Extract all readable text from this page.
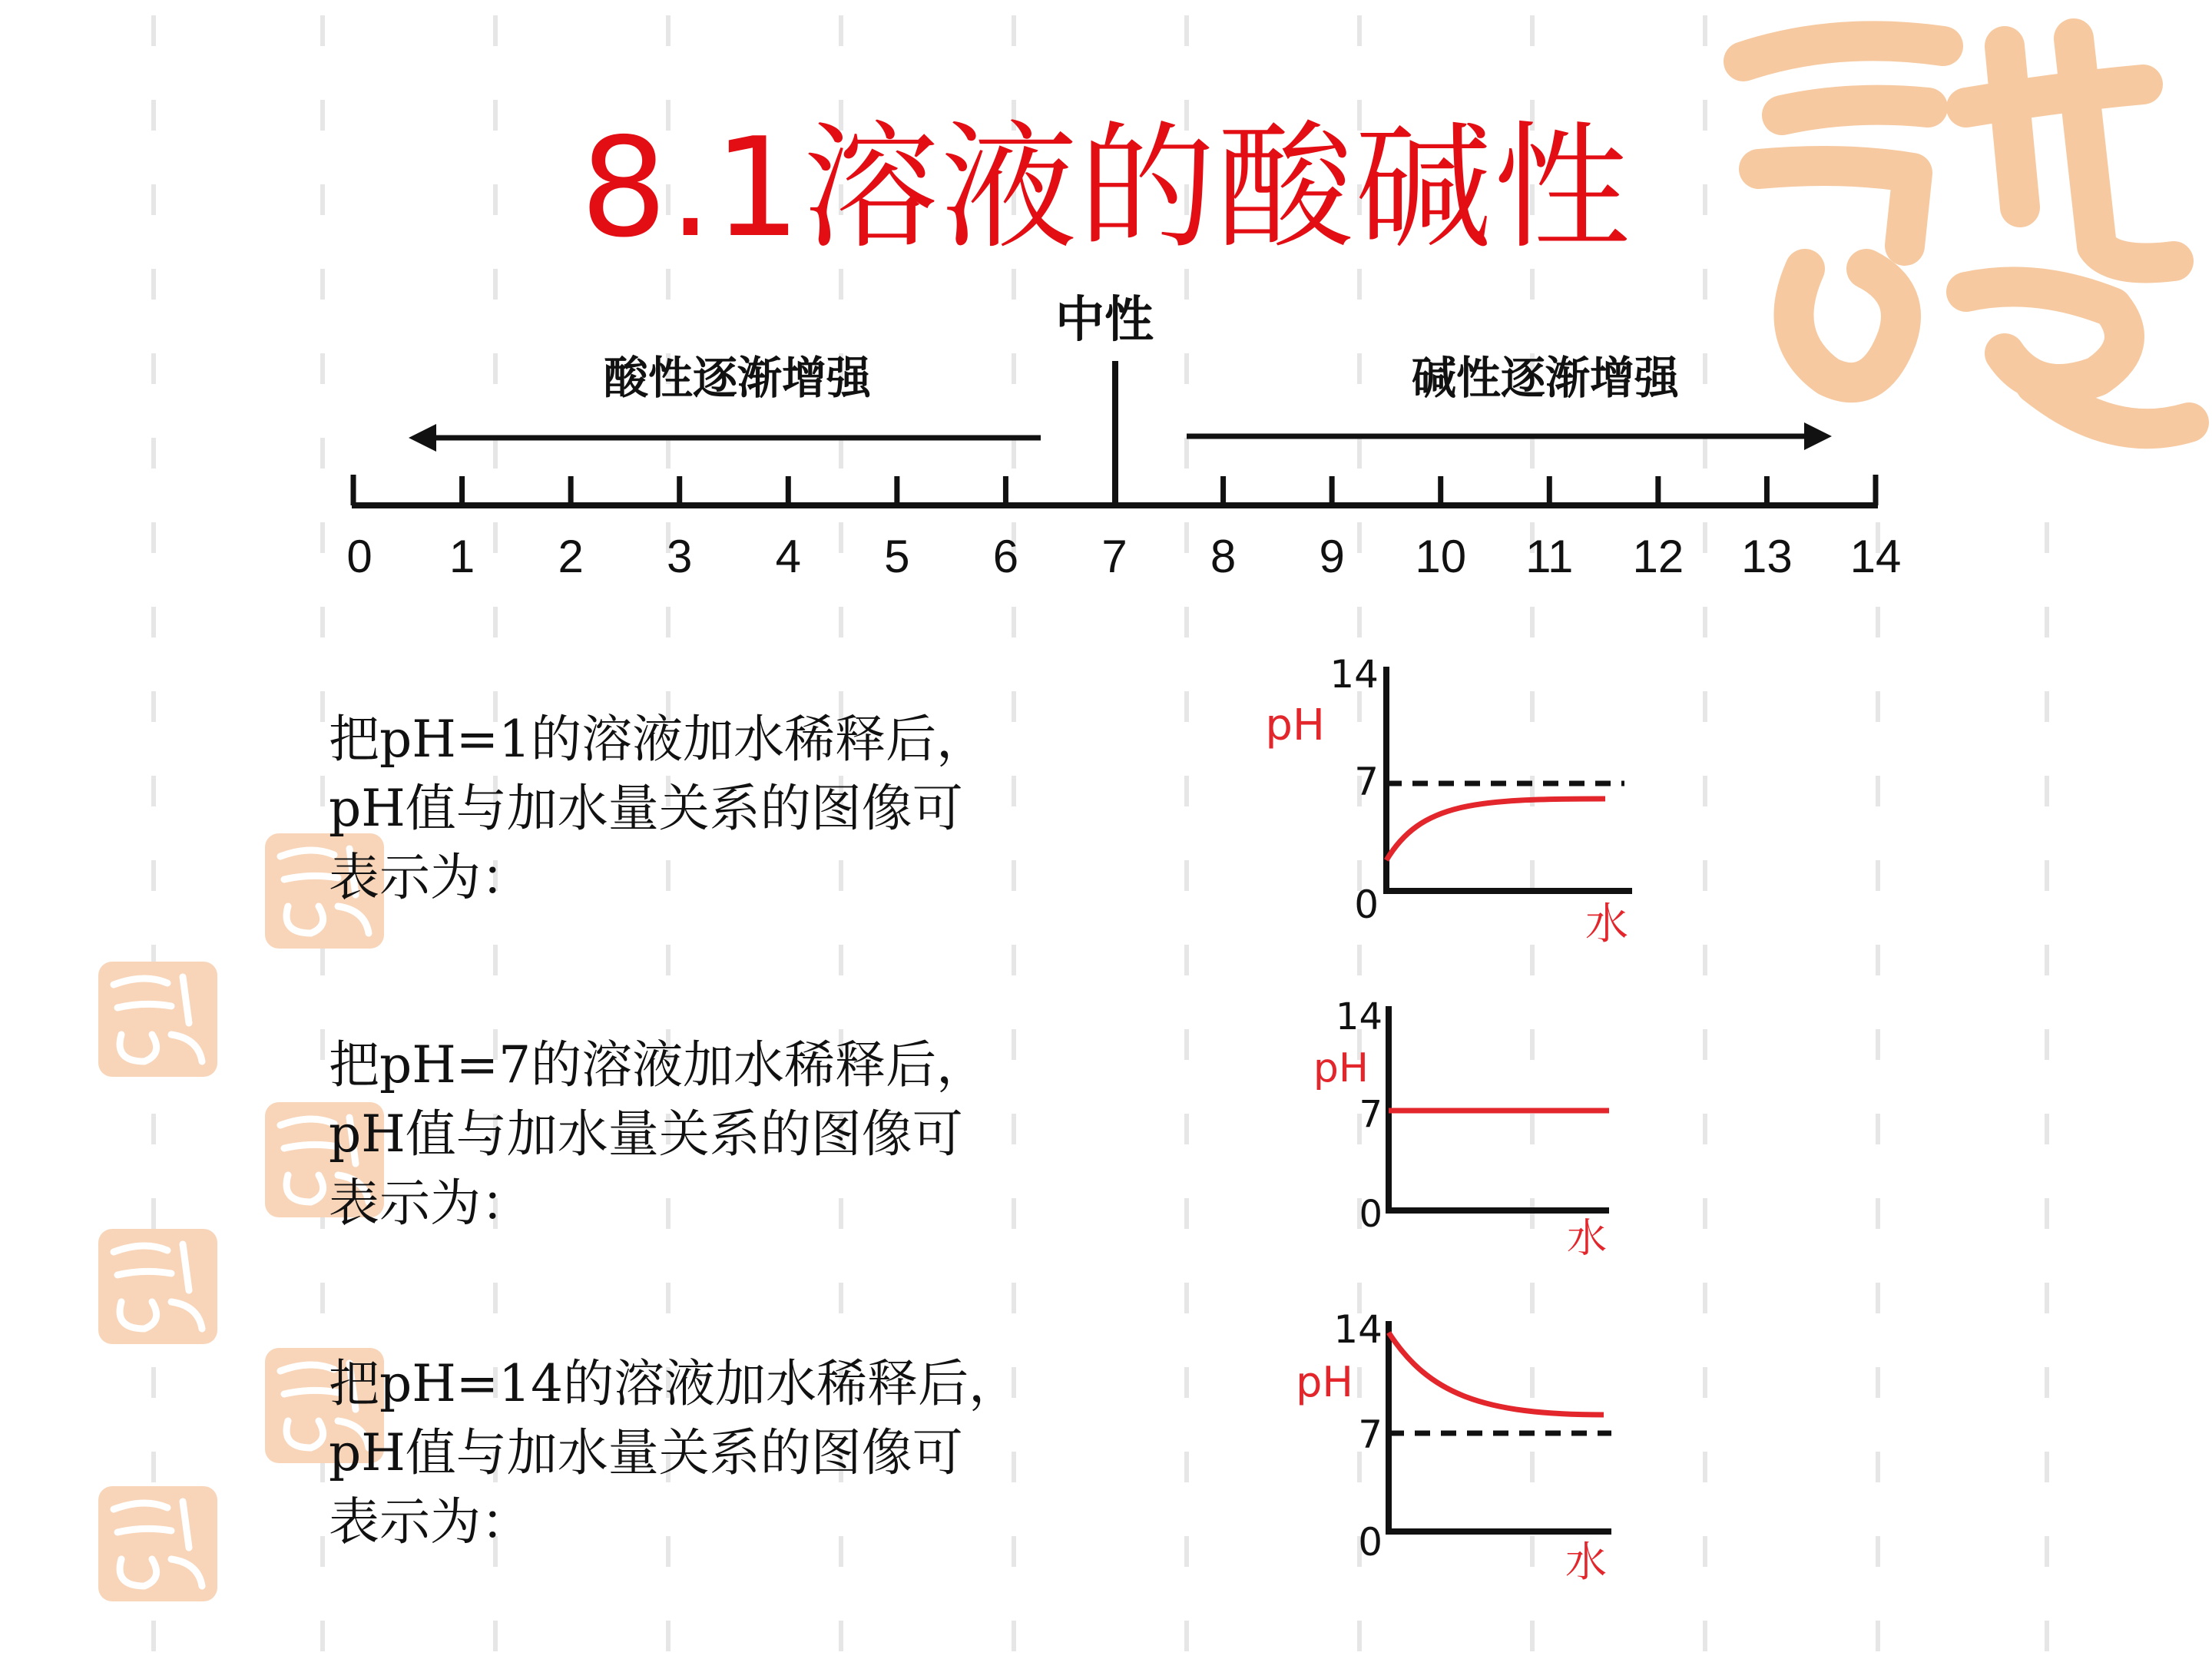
8.1溶液的酸碱性
中性
酸性逐渐增强	碱性逐渐增强
0 1 2 3 4 5 6 7 8 9 10 11 12 13 14
把pH=1的溶液加水稀释后，
pH值与加水量关系的图像可
表示为：
把pH=7的溶液加水稀释后，
pH值与加水量关系的图像可
表示为：
把pH=14的溶液加水稀释后，
pH值与加水量关系的图像可
表示为：
14
7
0
pH
水
14
7
0
pH
水
14
7
0
pH
水
